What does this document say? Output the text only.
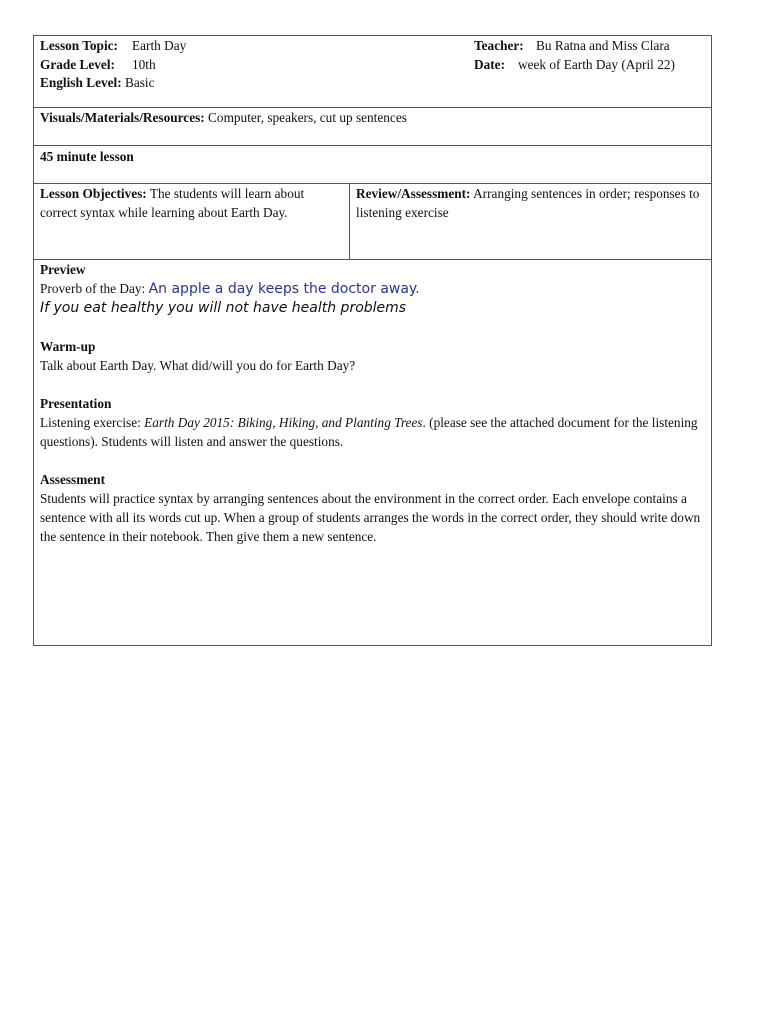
Lesson Topic: Earth Day
Grade Level: 10th
English Level: Basic
Teacher: Bu Ratna and Miss Clara
Date: week of Earth Day (April 22)
Visuals/Materials/Resources: Computer, speakers, cut up sentences
45 minute lesson
Lesson Objectives: The students will learn about correct syntax while learning about Earth Day.
Review/Assessment: Arranging sentences in order; responses to listening exercise
Preview
Proverb of the Day: An apple a day keeps the doctor away.
If you eat healthy you will not have health problems
Warm-up
Talk about Earth Day. What did/will you do for Earth Day?
Presentation
Listening exercise: Earth Day 2015: Biking, Hiking, and Planting Trees. (please see the attached document for the listening questions). Students will listen and answer the questions.
Assessment
Students will practice syntax by arranging sentences about the environment in the correct order. Each envelope contains a sentence with all its words cut up. When a group of students arranges the words in the correct order, they should write down the sentence in their notebook. Then give them a new sentence.
